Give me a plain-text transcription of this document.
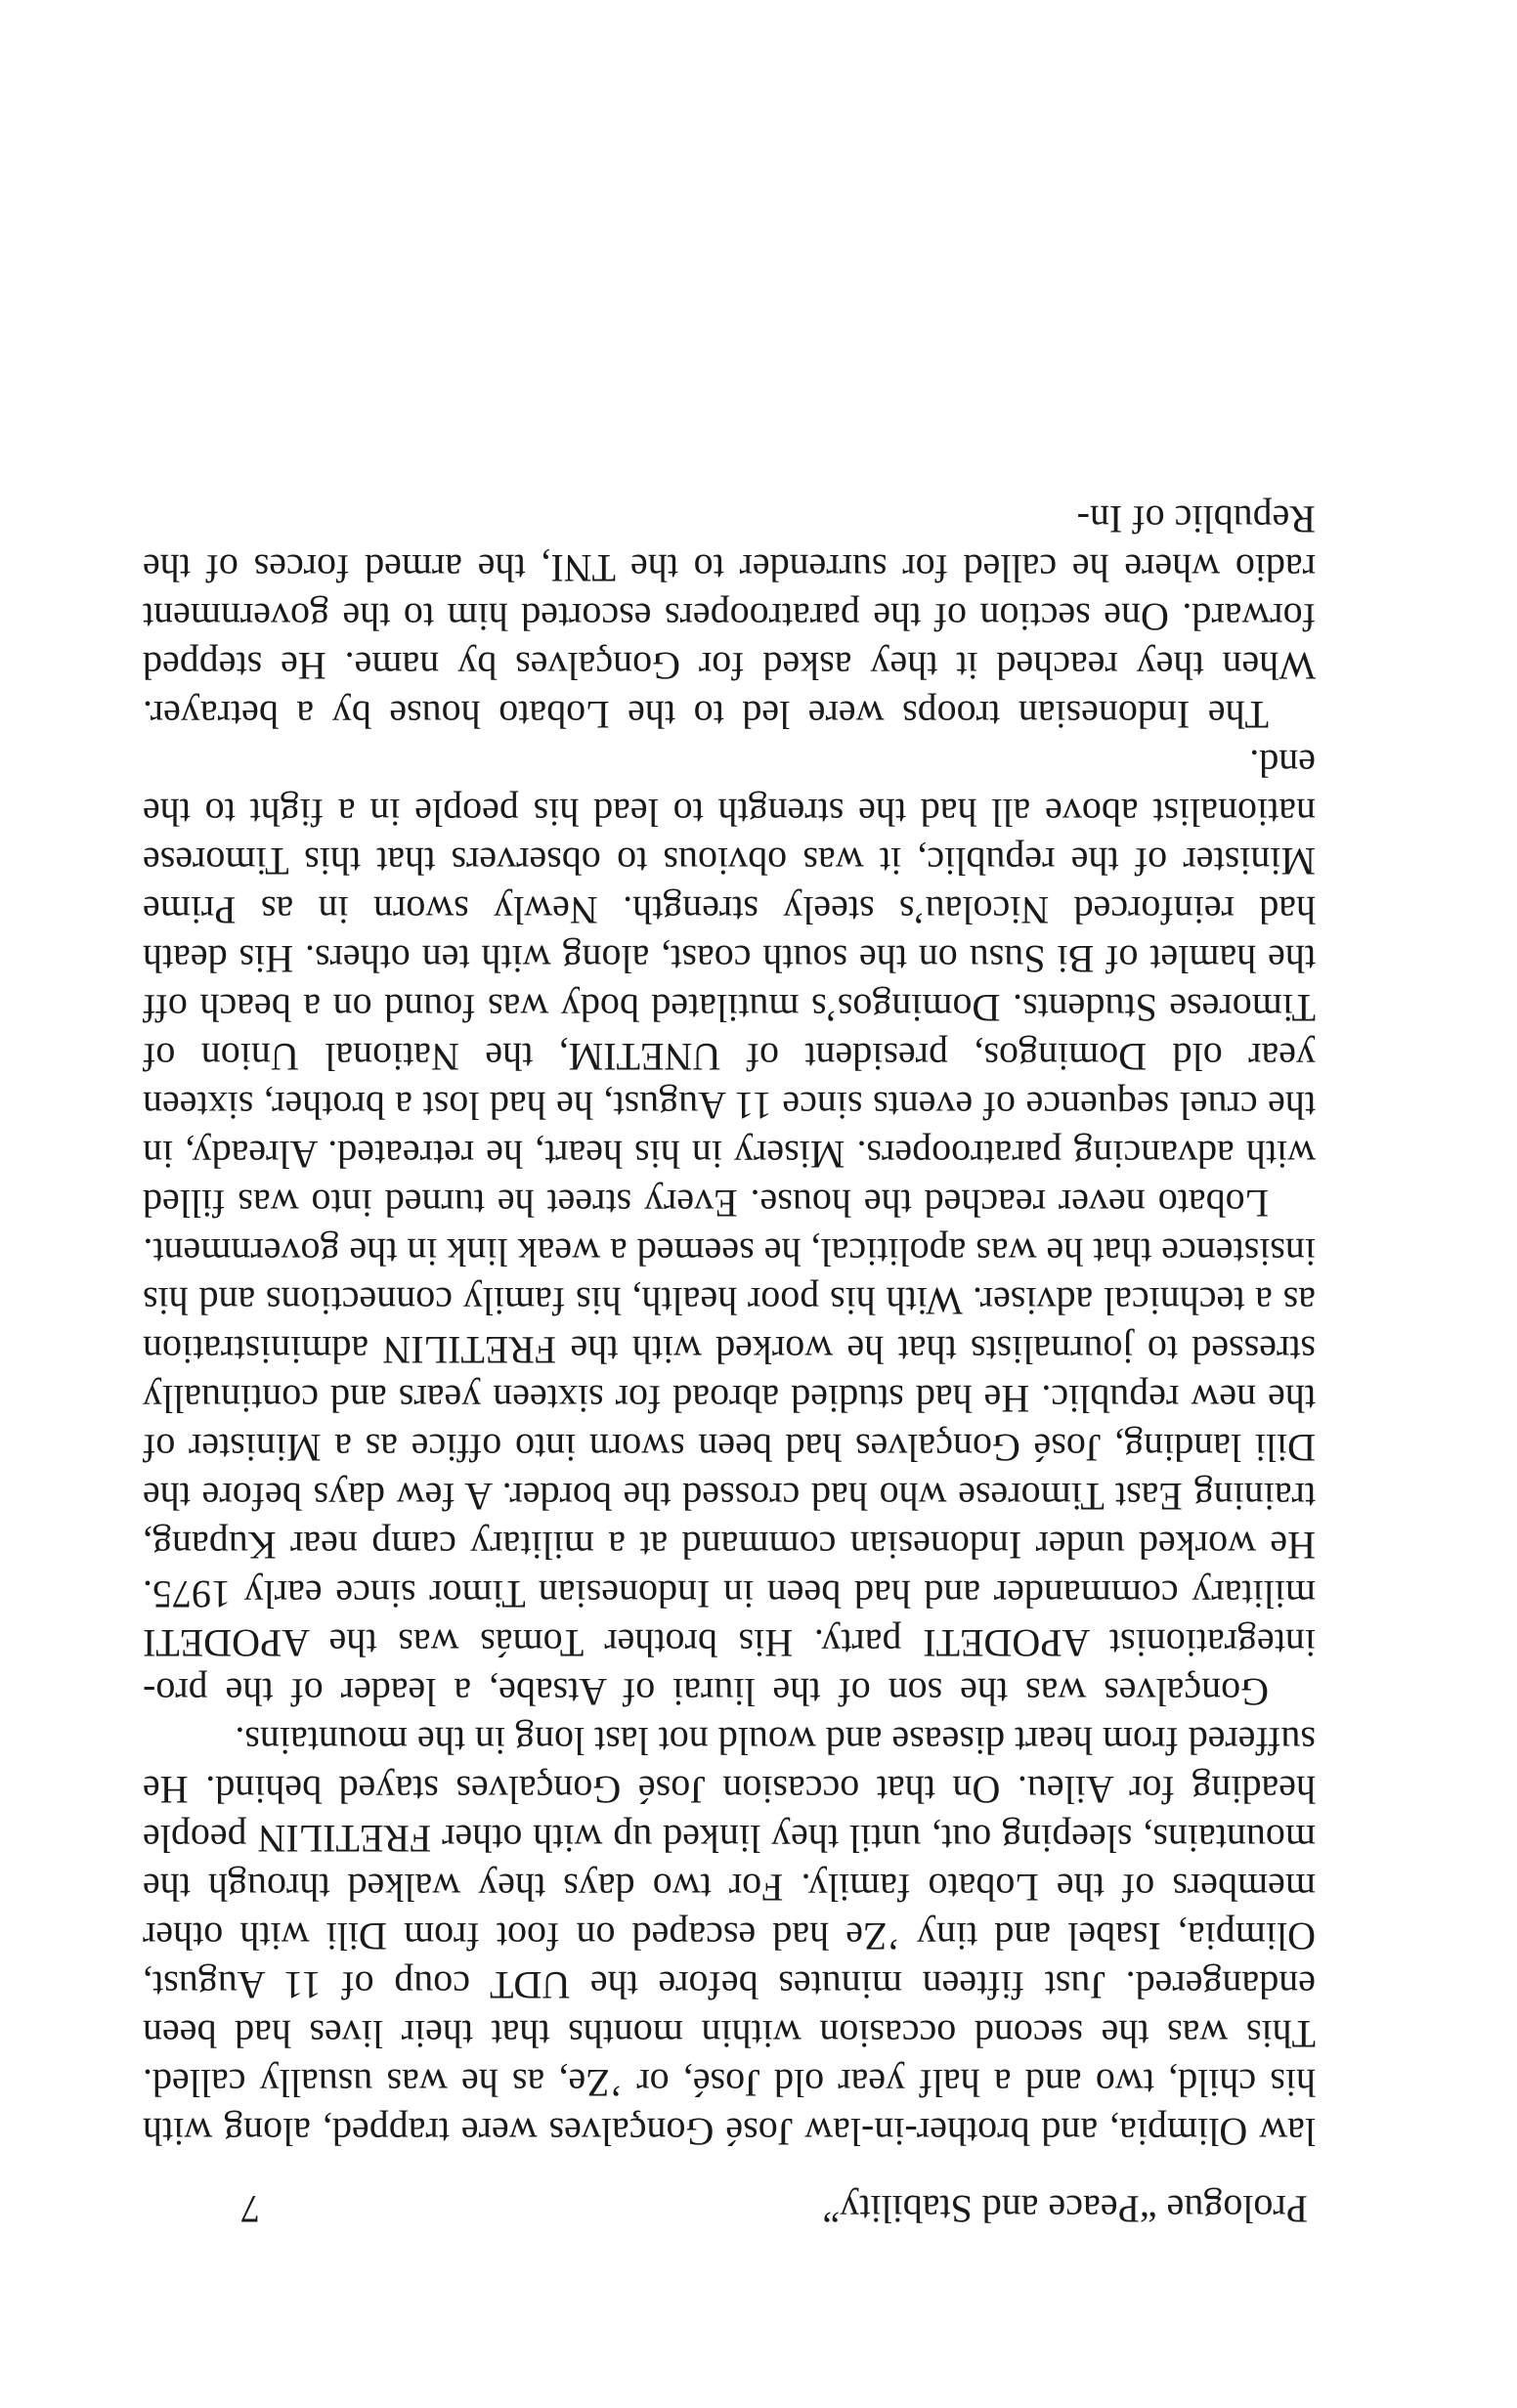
Prologue “Peace and Stability”
7

law Olimpia, and brother-in-law José Gonçalves were trapped, along with his child, two and a half year old José, or ’Ze, as he was usually called. This was the second occasion within months that their lives had been endangered. Just fifteen minutes before the UDT coup of 11 August, Olimpia, Isabel and tiny ’Ze had escaped on foot from Dili with other members of the Lobato family. For two days they walked through the mountains, sleeping out, until they linked up with other FRETILIN people heading for Aileu. On that occasion José Gonçalves stayed behind. He suffered from heart disease and would not last long in the mountains.

Gonçalves was the son of the liurai of Atsabe, a leader of the pro-integrationist APODETI party. His brother Tomás was the APODETI military commander and had been in Indonesian Timor since early 1975. He worked under Indonesian command at a military camp near Kupang, training East Timorese who had crossed the border. A few days before the Dili landing, José Gonçalves had been sworn into office as a Minister of the new republic. He had studied abroad for sixteen years and continually stressed to journalists that he worked with the FRETILIN administration as a technical adviser. With his poor health, his family connections and his insistence that he was apolitical, he seemed a weak link in the government.

Lobato never reached the house. Every street he turned into was filled with advancing paratroopers. Misery in his heart, he retreated. Already, in the cruel sequence of events since 11 August, he had lost a brother, sixteen year old Domingos, president of UNETIM, the National Union of Timorese Students. Domingos’s mutilated body was found on a beach off the hamlet of Bi Susu on the south coast, along with ten others. His death had reinforced Nicolau’s steely strength. Newly sworn in as Prime Minister of the republic, it was obvious to observers that this Timorese nationalist above all had the strength to lead his people in a fight to the end.

The Indonesian troops were led to the Lobato house by a betrayer. When they reached it they asked for Gonçalves by name. He stepped forward. One section of the paratroopers escorted him to the government radio where he called for surrender to the TNI, the armed forces of the Republic of In-
